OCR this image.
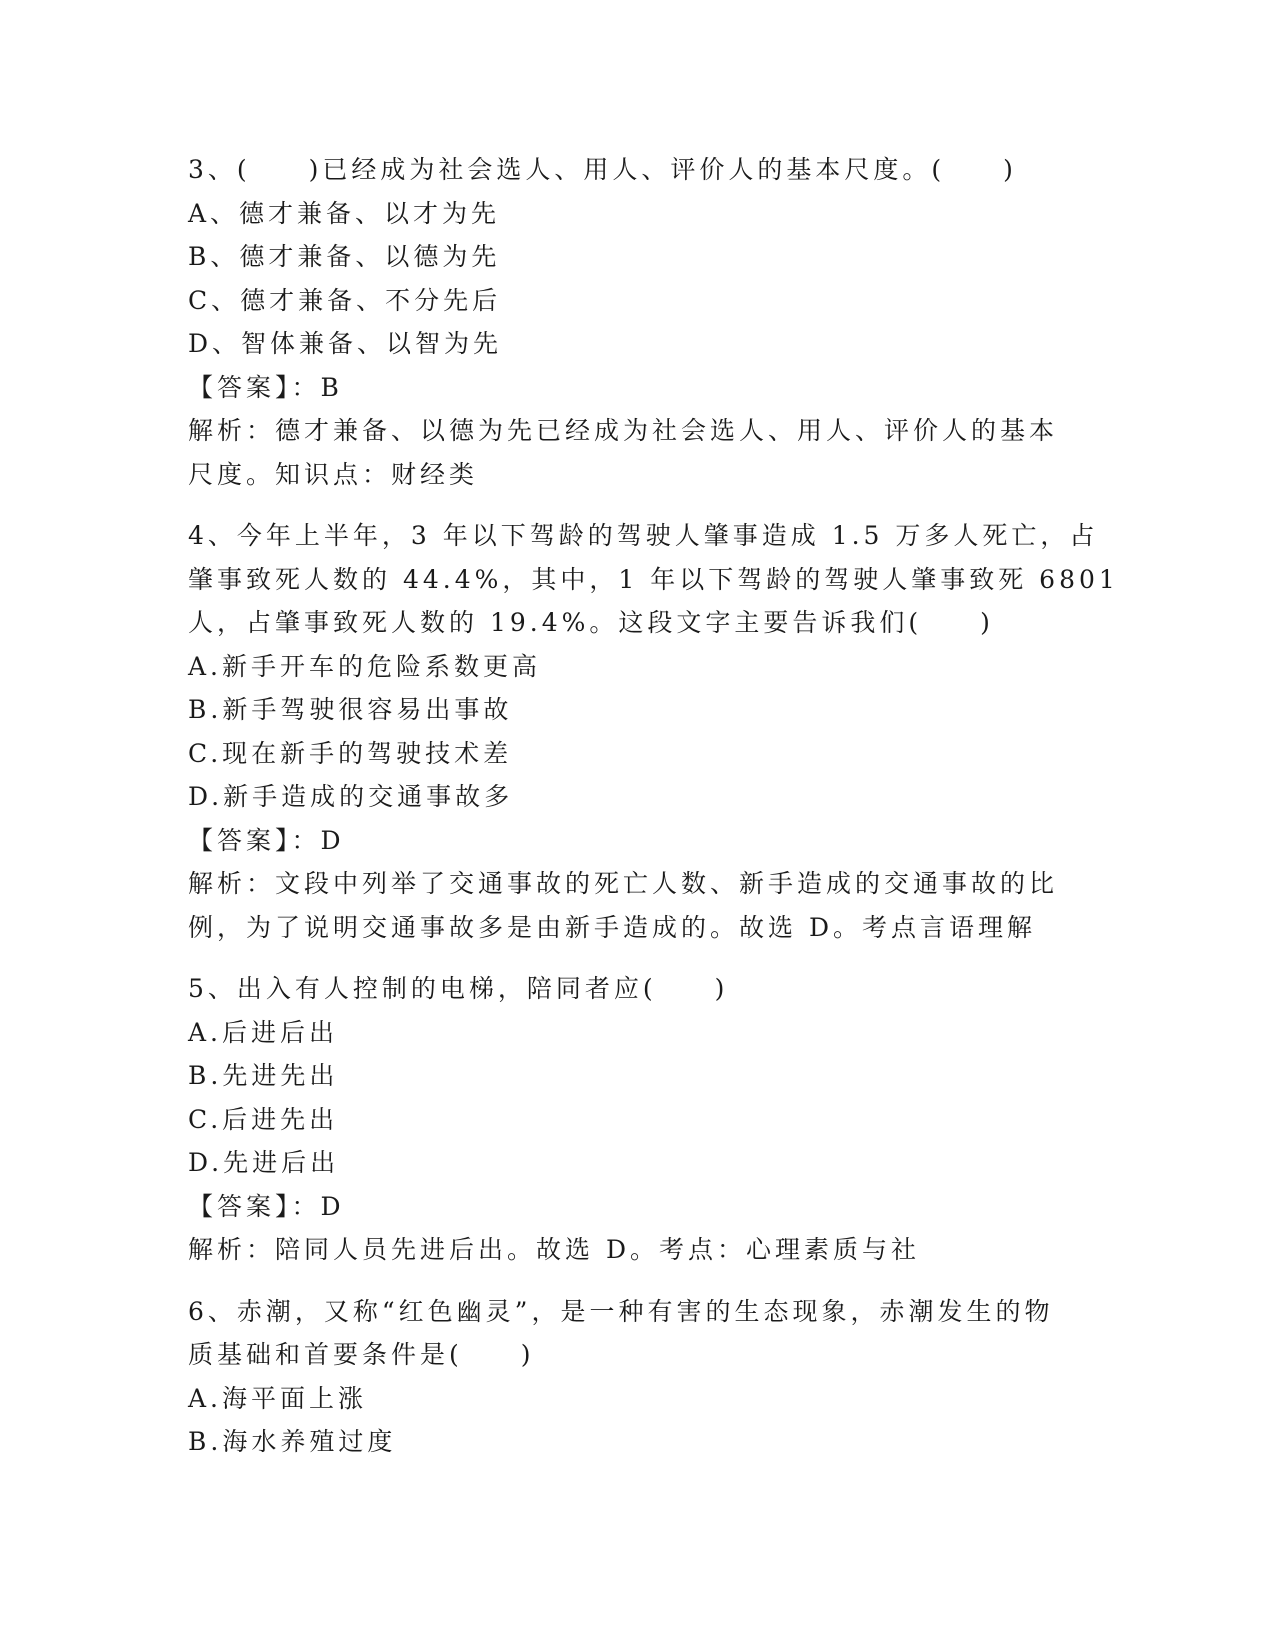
3、(　　)已经成为社会选人、用人、评价人的基本尺度。(　　)
A、德才兼备、以才为先
B、德才兼备、以德为先
C、德才兼备、不分先后
D、智体兼备、以智为先
【答案】：B
解析：德才兼备、以德为先已经成为社会选人、用人、评价人的基本
尺度。知识点：财经类
4、今年上半年，3 年以下驾龄的驾驶人肇事造成 1.5 万多人死亡，占
肇事致死人数的 44.4%，其中，1 年以下驾龄的驾驶人肇事致死 6801
人，占肇事致死人数的 19.4%。这段文字主要告诉我们(　　)
A.新手开车的危险系数更高
B.新手驾驶很容易出事故
C.现在新手的驾驶技术差
D.新手造成的交通事故多
【答案】：D
解析：文段中列举了交通事故的死亡人数、新手造成的交通事故的比
例，为了说明交通事故多是由新手造成的。故选 D。考点言语理解
5、出入有人控制的电梯，陪同者应(　　)
A.后进后出
B.先进先出
C.后进先出
D.先进后出
【答案】：D
解析：陪同人员先进后出。故选 D。考点：心理素质与社
6、赤潮，又称“红色幽灵”，是一种有害的生态现象，赤潮发生的物
质基础和首要条件是(　　)
A.海平面上涨
B.海水养殖过度
